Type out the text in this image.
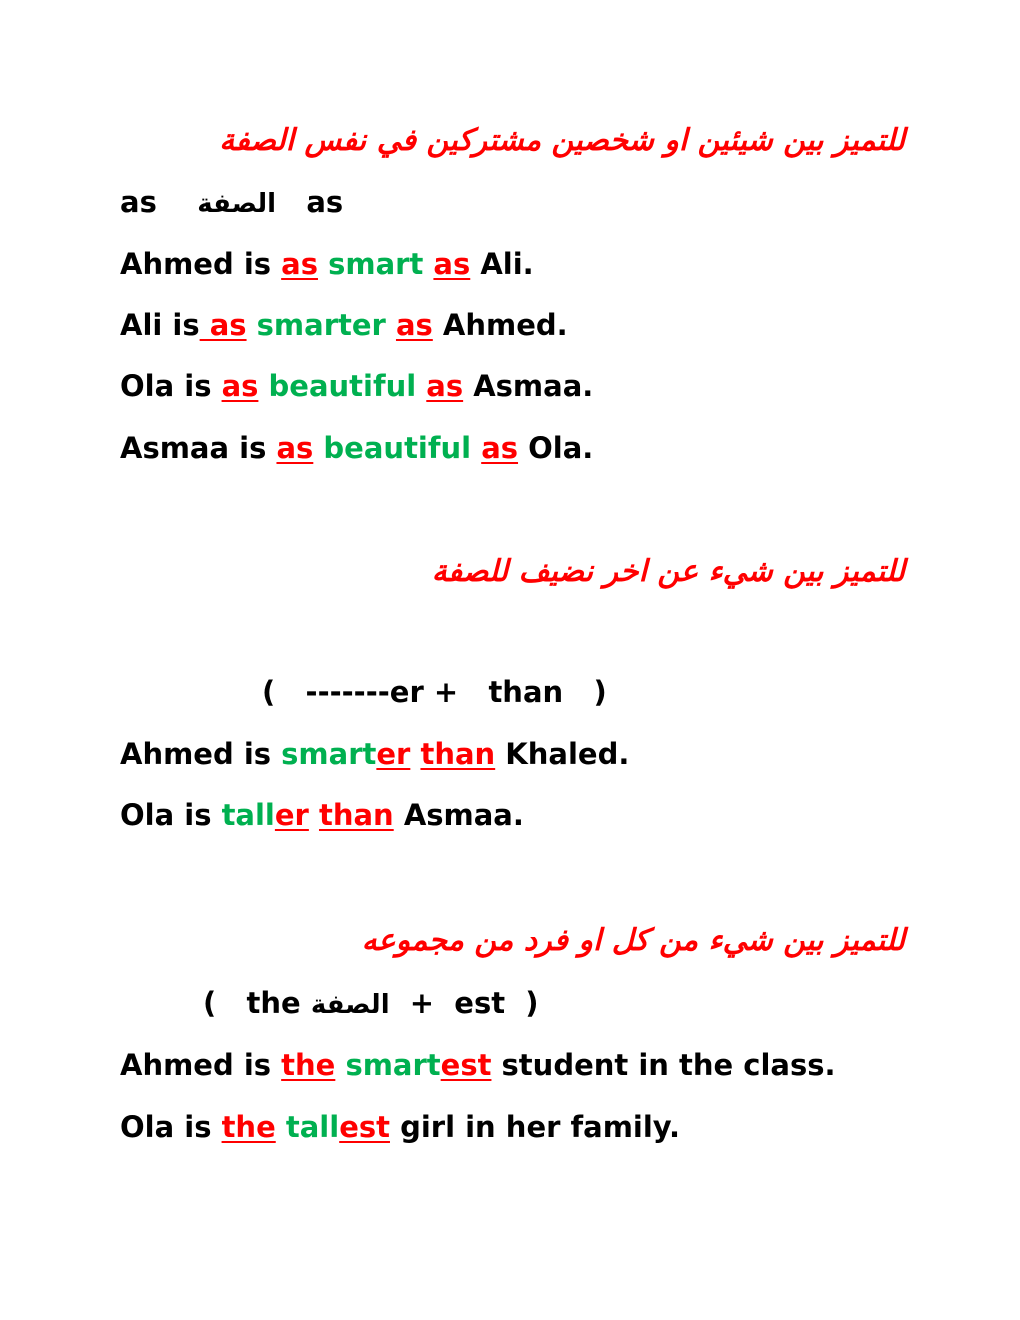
للتميز بين شيئين او شخصين مشتركين في نفس الصفة
as الصفة as
Ahmed is as smart as Ali.
Ali is as smarter as Ahmed.
Ola is as beautiful as Asmaa.
Asmaa is as beautiful as Ola.
للتميز بين شيء عن اخر نضيف للصفة
(   -------er +   than   )
Ahmed is smarter than Khaled.
Ola is taller than Asmaa.
للتميز بين شيء من كل او فرد من مجموعه
(   the الصفة  +  est  )
Ahmed is the smartest student in the class.
Ola is the tallest girl in her family.
